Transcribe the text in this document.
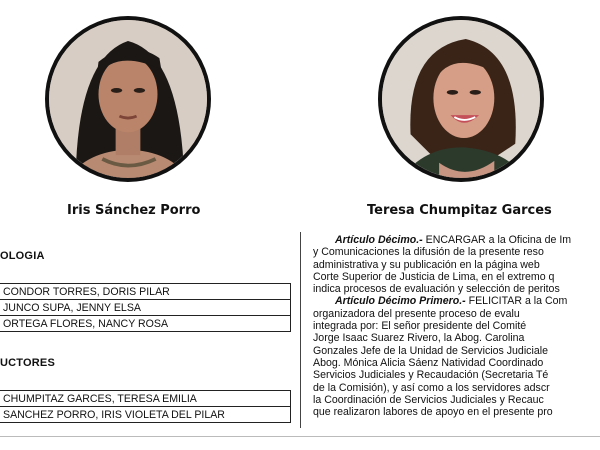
Iris Sánchez Porro	Teresa Chumpitaz Garces
OLOGIA
CONDOR TORRES, DORIS PILAR
JUNCO SUPA, JENNY ELSA
ORTEGA FLORES, NANCY ROSA
UCTORES
CHUMPITAZ GARCES, TERESA EMILIA
SANCHEZ PORRO, IRIS VIOLETA DEL PILAR
Artículo Décimo.- ENCARGAR a la Oficina de Im
y Comunicaciones la difusión de la presente reso
administrativa y su publicación en la página web
Corte Superior de Justicia de Lima, en el extremo q
indica procesos de evaluación y selección de peritos
Artículo Décimo Primero.- FELICITAR a la Com
organizadora del presente proceso de evalu
integrada por: El señor presidente del Comité
Jorge Isaac Suarez Rivero, la Abog. Carolina
Gonzales Jefe de la Unidad de Servicios Judiciale
Abog. Mónica Alicia Sáenz Natividad Coordinado
Servicios Judiciales y Recaudación (Secretaria Té
de la Comisión), y así como a los servidores adscr
la Coordinación de Servicios Judiciales y Recauc
que realizaron labores de apoyo en el presente pro
